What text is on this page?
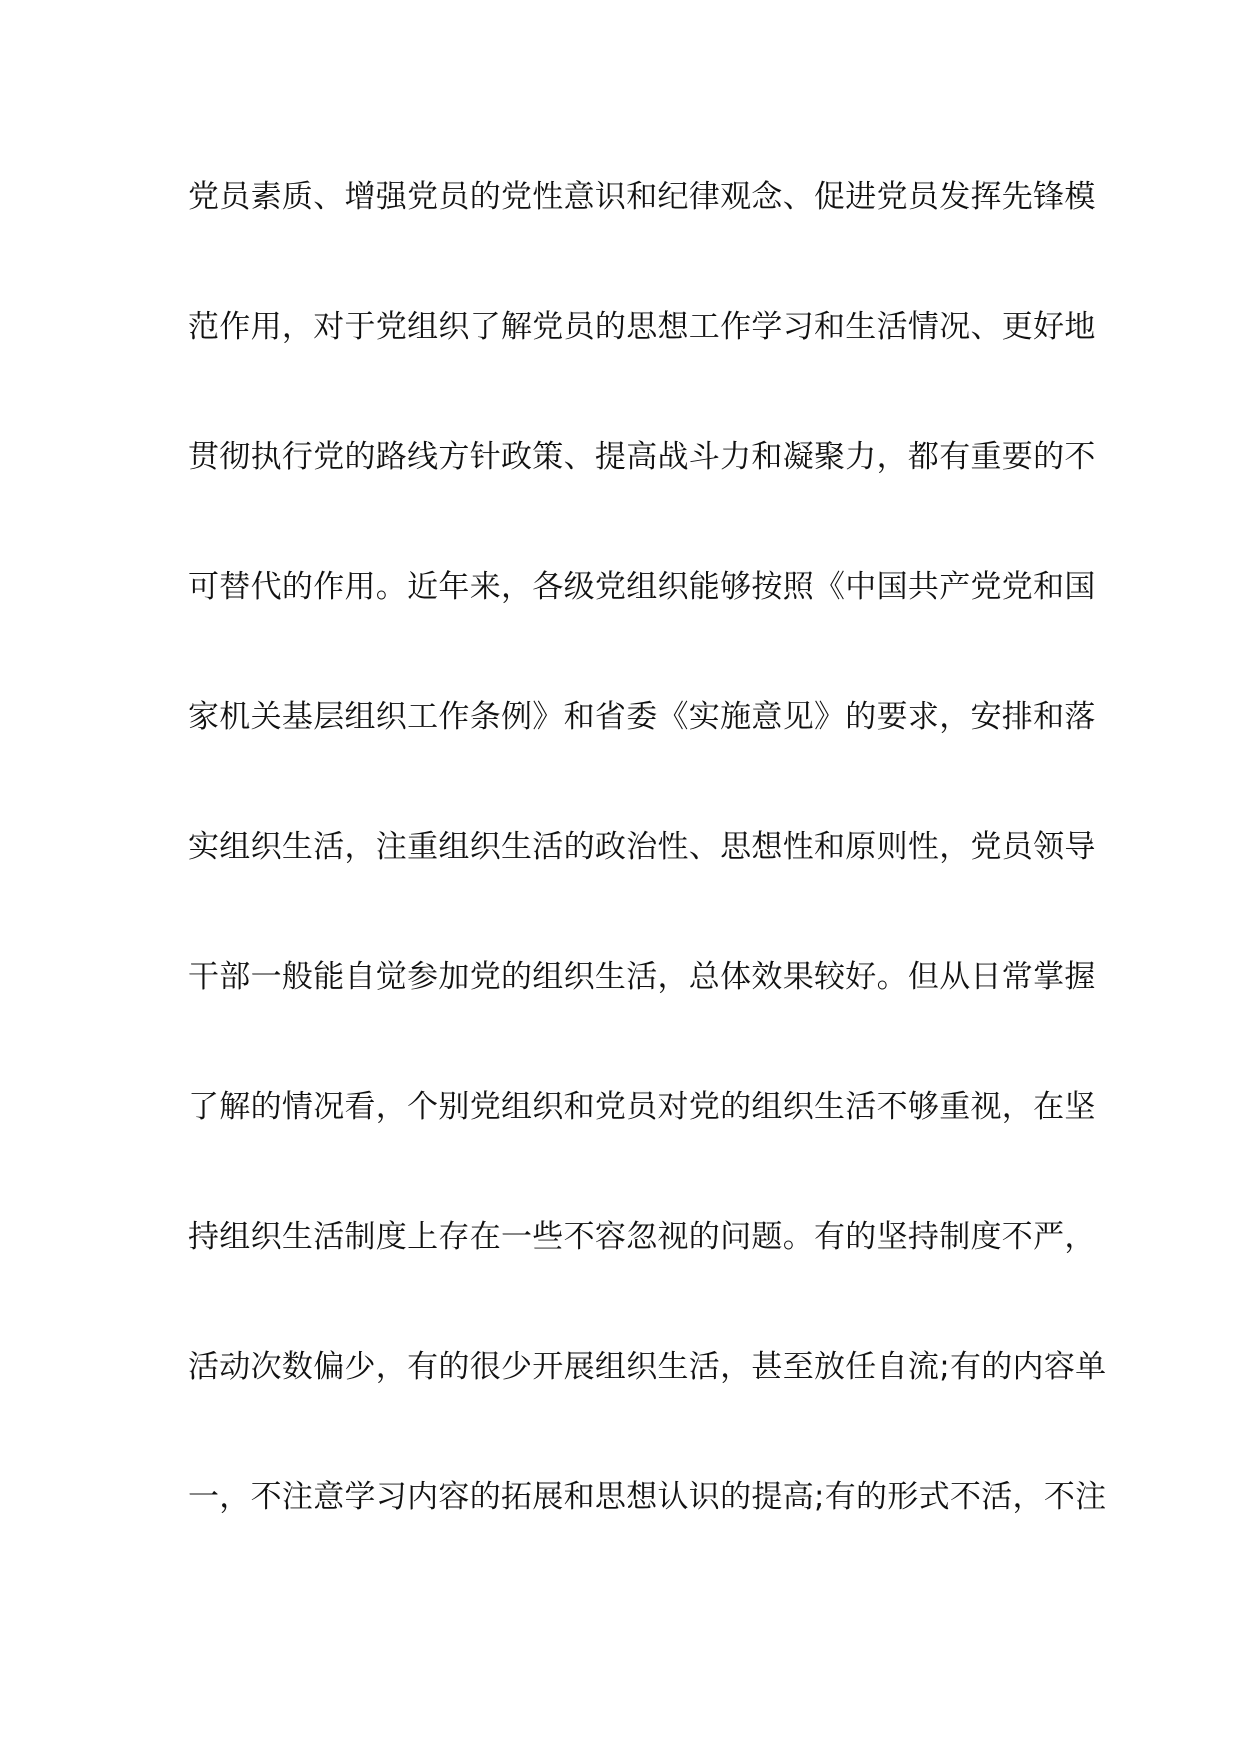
党员素质、增强党员的党性意识和纪律观念、促进党员发挥先锋模
范作用，对于党组织了解党员的思想工作学习和生活情况、更好地
贯彻执行党的路线方针政策、提高战斗力和凝聚力，都有重要的不
可替代的作用。近年来，各级党组织能够按照《中国共产党党和国
家机关基层组织工作条例》和省委《实施意见》的要求，安排和落
实组织生活，注重组织生活的政治性、思想性和原则性，党员领导
干部一般能自觉参加党的组织生活，总体效果较好。但从日常掌握
了解的情况看，个别党组织和党员对党的组织生活不够重视，在坚
持组织生活制度上存在一些不容忽视的问题。有的坚持制度不严，
活动次数偏少，有的很少开展组织生活，甚至放任自流;有的内容单
一，不注意学习内容的拓展和思想认识的提高;有的形式不活，不注
